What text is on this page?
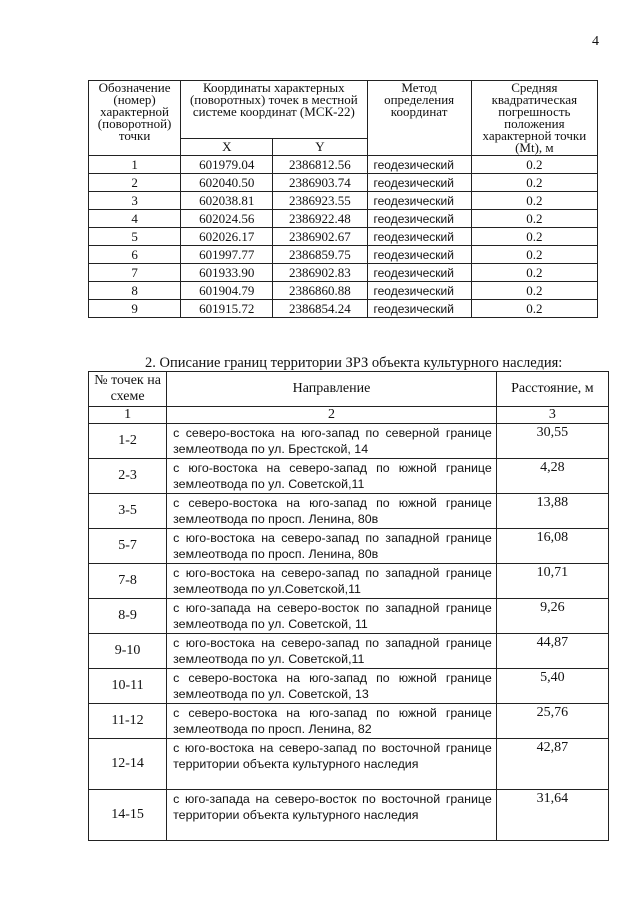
4
Обозначение (номер) характерной (поворотной) точки	Координаты характерных (поворотных) точек в местной системе координат (МСК-22)		Метод определения координат	Средняя квадратическая погрешность положения характерной точки (Mt), м
	X	Y		
1	601979.04	2386812.56	геодезический	0.2
2	602040.50	2386903.74	геодезический	0.2
3	602038.81	2386923.55	геодезический	0.2
4	602024.56	2386922.48	геодезический	0.2
5	602026.17	2386902.67	геодезический	0.2
6	601997.77	2386859.75	геодезический	0.2
7	601933.90	2386902.83	геодезический	0.2
8	601904.79	2386860.88	геодезический	0.2
9	601915.72	2386854.24	геодезический	0.2
2. Описание границ территории ЗРЗ объекта культурного наследия:
№ точек на схеме	Направление	Расстояние, м
1	2	3
1-2	с северо-востока на юго-запад по северной границе землеотвода по ул. Брестской, 14	30,55
2-3	с юго-востока на северо-запад по южной границе землеотвода по ул. Советской,11	4,28
3-5	с северо-востока на юго-запад по южной границе землеотвода по просп. Ленина, 80в	13,88
5-7	с юго-востока на северо-запад по западной границе землеотвода по просп. Ленина, 80в	16,08
7-8	с юго-востока на северо-запад по западной границе землеотвода по ул.Советской,11	10,71
8-9	с юго-запада на северо-восток по западной границе землеотвода по ул. Советской, 11	9,26
9-10	с юго-востока на северо-запад по западной границе землеотвода по ул. Советской,11	44,87
10-11	с северо-востока на юго-запад по южной границе землеотвода по ул. Советской, 13	5,40
11-12	с северо-востока на юго-запад по южной границе землеотвода по просп. Ленина, 82	25,76
12-14	с юго-востока на северо-запад по восточной границе территории объекта культурного наследия	42,87
14-15	с юго-запада на северо-восток по восточной границе территории объекта культурного наследия	31,64
